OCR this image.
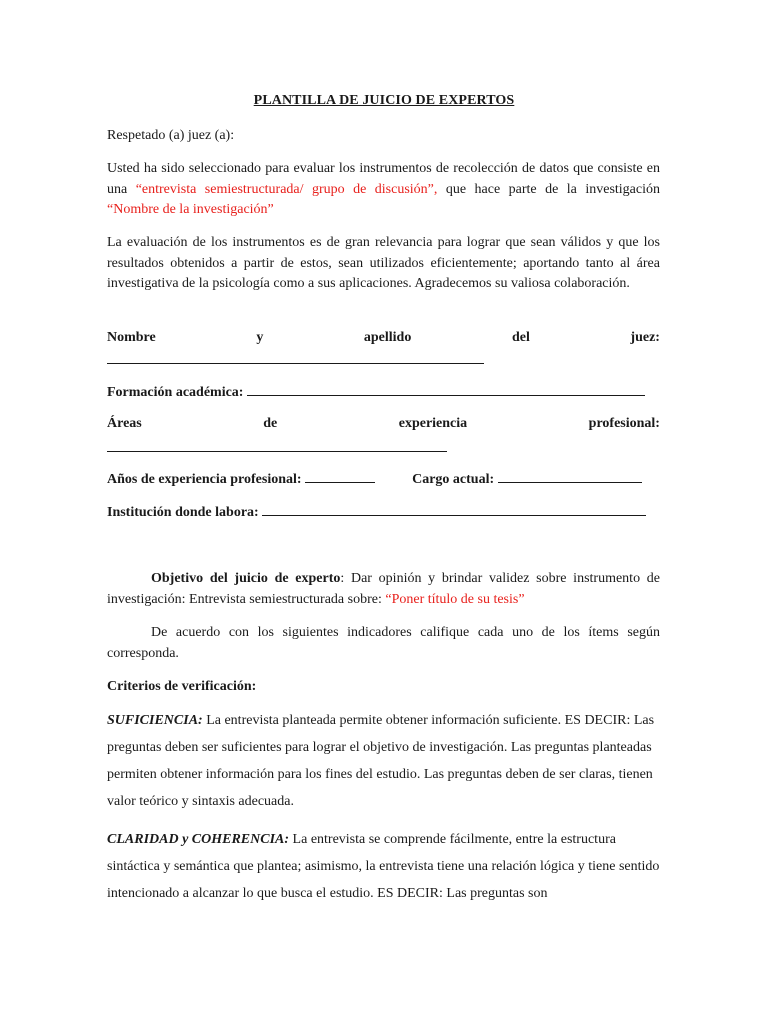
PLANTILLA DE JUICIO DE EXPERTOS

Respetado (a) juez (a):

Usted ha sido seleccionado para evaluar los instrumentos de recolección de datos que consiste en una “entrevista semiestructurada/ grupo de discusión”, que hace parte de la investigación “Nombre de la investigación”

La evaluación de los instrumentos es de gran relevancia para lograr que sean válidos y que los resultados obtenidos a partir de estos, sean utilizados eficientemente; aportando tanto al área investigativa de la psicología como a sus aplicaciones. Agradecemos su valiosa colaboración.

Nombre	y	apellido	del	juez:
Formación académica:
Áreas	de	experiencia	profesional:
Años de experiencia profesional:	Cargo actual:
Institución donde labora:

Objetivo del juicio de experto: Dar opinión y brindar validez sobre instrumento de investigación: Entrevista semiestructurada sobre: “Poner título de su tesis”

De acuerdo con los siguientes indicadores califique cada uno de los ítems según corresponda.

Criterios de verificación:

SUFICIENCIA: La entrevista planteada permite obtener información suficiente. ES DECIR: Las preguntas deben ser suficientes para lograr el objetivo de investigación. Las preguntas planteadas permiten obtener información para los fines del estudio. Las preguntas deben de ser claras, tienen valor teórico y sintaxis adecuada.

CLARIDAD y COHERENCIA: La entrevista se comprende fácilmente, entre la estructura sintáctica y semántica que plantea; asimismo, la entrevista tiene una relación lógica y tiene sentido intencionado a alcanzar lo que busca el estudio. ES DECIR: Las preguntas son
